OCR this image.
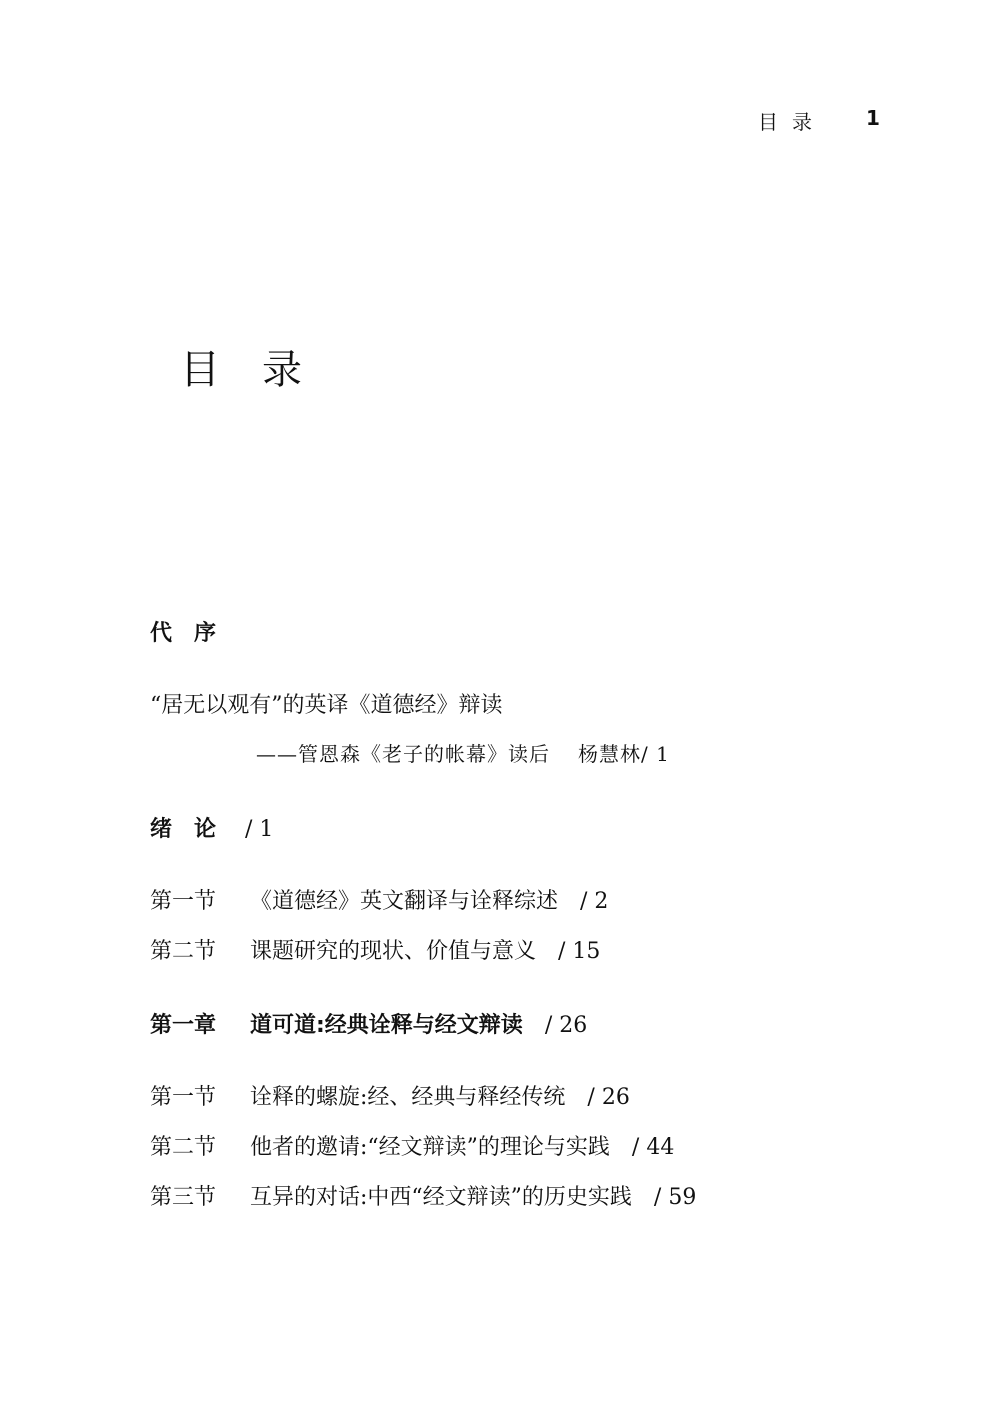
目录 1
目录
代序
“居无以观有”的英译《道德经》辩读
——管恩森《老子的帐幕》读后 杨慧林/ 1
绪论 / 1
第一节 《道德经》英文翻译与诠释综述 / 2
第二节 课题研究的现状、价值与意义 / 15
第一章 道可道:经典诠释与经文辩读 / 26
第一节 诠释的螺旋:经、经典与释经传统 / 26
第二节 他者的邀请:“经文辩读”的理论与实践 / 44
第三节 互异的对话:中西“经文辩读”的历史实践 / 59
